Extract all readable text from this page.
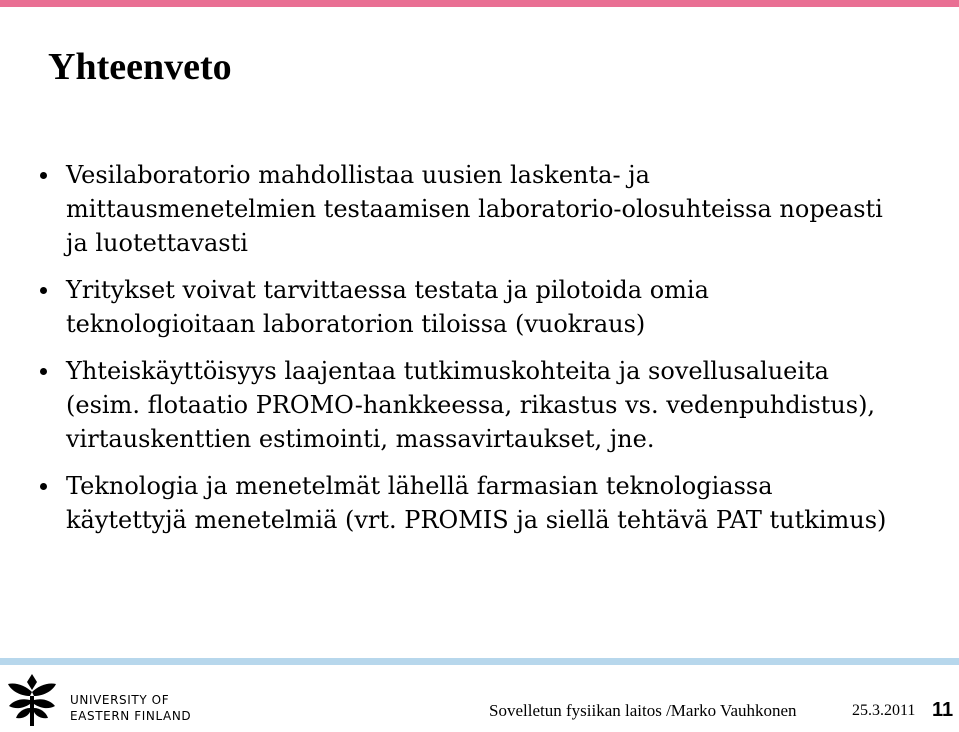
Yhteenveto
Vesilaboratorio mahdollistaa uusien laskenta- ja
mittausmenetelmien testaamisen laboratorio-olosuhteissa nopeasti
ja luotettavasti
Yritykset voivat tarvittaessa testata ja pilotoida omia
teknologioitaan laboratorion tiloissa (vuokraus)
Yhteiskäyttöisyys laajentaa tutkimuskohteita ja sovellusalueita
(esim. flotaatio PROMO-hankkeessa, rikastus vs. vedenpuhdistus),
virtauskenttien estimointi, massavirtaukset, jne.
Teknologia ja menetelmät lähellä farmasian teknologiassa
käytettyjä menetelmiä (vrt. PROMIS ja siellä tehtävä PAT tutkimus)
UNIVERSITY OF
EASTERN FINLAND	Sovelletun fysiikan laitos /Marko Vauhkonen	25.3.2011 11
